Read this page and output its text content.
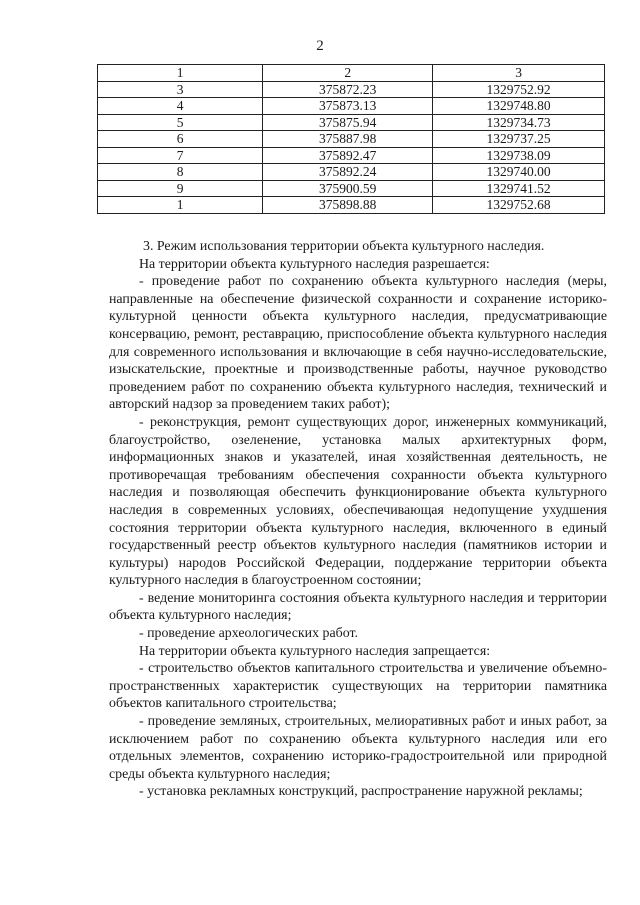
2
1	2	3
3	375872.23	1329752.92
4	375873.13	1329748.80
5	375875.94	1329734.73
6	375887.98	1329737.25
7	375892.47	1329738.09
8	375892.24	1329740.00
9	375900.59	1329741.52
1	375898.88	1329752.68

3. Режим использования территории объекта культурного наследия.

На территории объекта культурного наследия разрешается:

- проведение работ по сохранению объекта культурного наследия (меры, направленные на обеспечение физической сохранности и сохранение историко-культурной ценности объекта культурного наследия, предусматривающие консервацию, ремонт, реставрацию, приспособление объекта культурного наследия для современного использования и включающие в себя научно-исследовательские, изыскательские, проектные и производственные работы, научное руководство проведением работ по сохранению объекта культурного наследия, технический и авторский надзор за проведением таких работ);

- реконструкция, ремонт существующих дорог, инженерных коммуникаций, благоустройство, озеленение, установка малых архитектурных форм, информационных знаков и указателей, иная хозяйственная деятельность, не противоречащая требованиям обеспечения сохранности объекта культурного наследия и позволяющая обеспечить функционирование объекта культурного наследия в современных условиях, обеспечивающая недопущение ухудшения состояния территории объекта культурного наследия, включенного в единый государственный реестр объектов культурного наследия (памятников истории и культуры) народов Российской Федерации, поддержание территории объекта культурного наследия в благоустроенном состоянии;

- ведение мониторинга состояния объекта культурного наследия и территории объекта культурного наследия;

- проведение археологических работ.

На территории объекта культурного наследия запрещается:

- строительство объектов капитального строительства и увеличение объемно-пространственных характеристик существующих на территории памятника объектов капитального строительства;

- проведение земляных, строительных, мелиоративных работ и иных работ, за исключением работ по сохранению объекта культурного наследия или его отдельных элементов, сохранению историко-градостроительной или природной среды объекта культурного наследия;

- установка рекламных конструкций, распространение наружной рекламы;
